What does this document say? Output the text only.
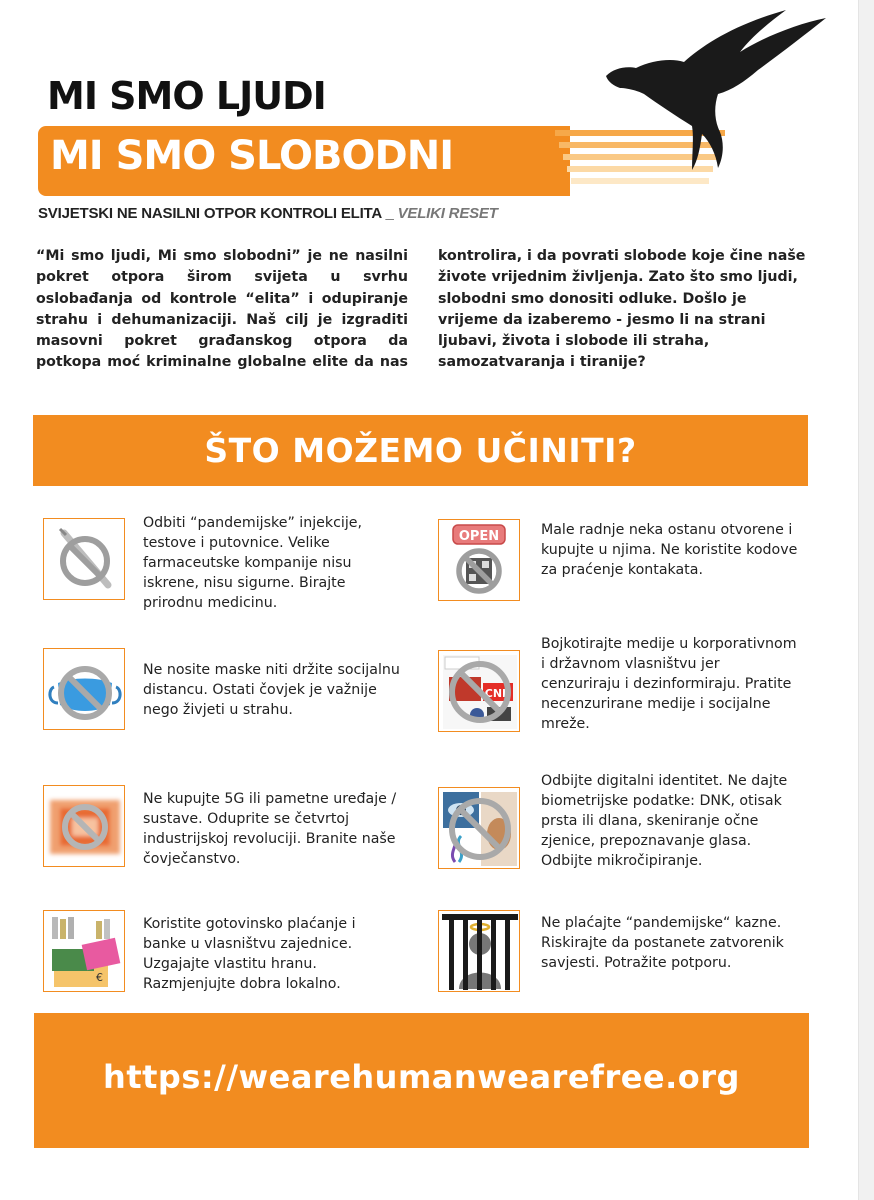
MI SMO LJUDI
MI SMO SLOBODNI
SVIJETSKI NE NASILNI OTPOR KONTROLI ELITA _ VELIKI RESET
“Mi smo ljudi, Mi smo slobodni” je ne nasilni pokret otpora širom svijeta u svrhu oslobađanja od kontrole “elita” i odupiranje strahu i dehumanizaciji. Naš cilj je izgraditi masovni pokret građanskog otpora da potkopa moć kriminalne globalne elite da nas
kontrolira, i da povrati slobode koje čine naše živote vrijednim življenja. Zato što smo ljudi, slobodni smo donositi odluke. Došlo je vrijeme da izaberemo - jesmo li na strani ljubavi, života i slobode ili straha, samozatvaranja i tiranije?
ŠTO MOŽEMO UČINITI?
Odbiti “pandemijske” injekcije, testove i putovnice. Velike farmaceutske kompanije nisu iskrene, nisu sigurne. Birajte prirodnu medicinu.
OPEN	Male radnje neka ostanu otvorene i kupujte u njima. Ne koristite kodove za praćenje kontakata.
Ne nosite maske niti držite socijalnu distancu. Ostati čovjek je važnije nego živjeti u strahu.
CNN
Bojkotirajte medije u korporativnom i državnom vlasništvu jer cenzuriraju i dezinformiraju. Pratite necenzurirane medije i socijalne mreže.
Ne kupujte 5G ili pametne uređaje / sustave. Oduprite se četvrtoj industrijskoj revoluciji. Branite naše čovječanstvo.
Odbijte digitalni identitet. Ne dajte biometrijske podatke: DNK, otisak prsta ili dlana, skeniranje očne zjenice, prepoznavanje glasa. Odbijte mikročipiranje.
€
Koristite gotovinsko plaćanje i banke u vlasništvu zajednice. Uzgajajte vlastitu hranu. Razmjenjujte dobra lokalno.
Ne plaćajte “pandemijske“ kazne. Riskirajte da postanete zatvorenik savjesti. Potražite potporu.
https://wearehumanwearefree.org
